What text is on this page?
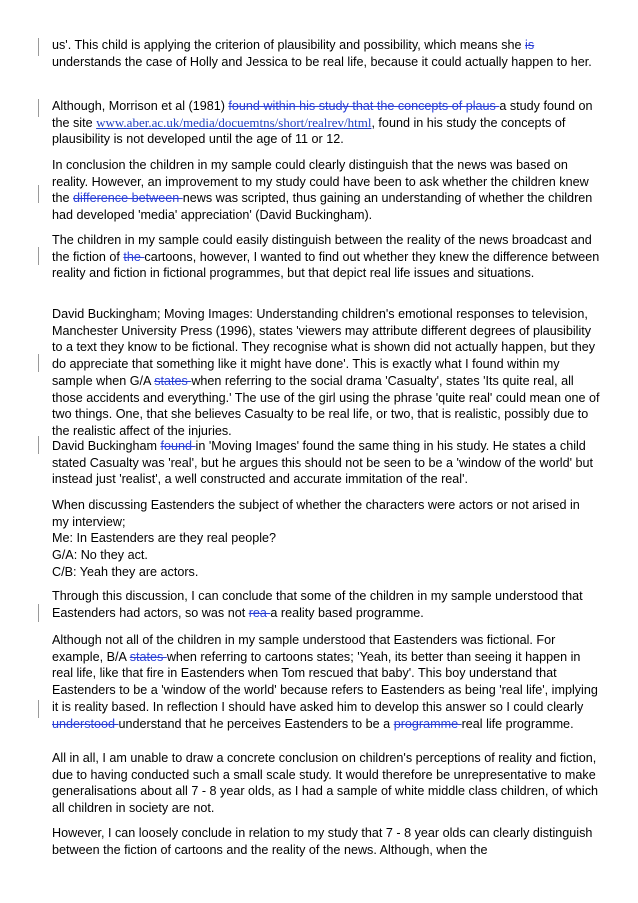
us'. This child is applying the criterion of plausibility and possibility, which means she is understands the case of Holly and Jessica to be real life, because it could actually happen to her.

Although, Morrison et al (1981) found within his study that the concepts of plaus a study found on the site www.aber.ac.uk/media/docuemtns/short/realrev/html, found in his study the concepts of plausibility is not developed until the age of 11 or 12.

In conclusion the children in my sample could clearly distinguish that the news was based on reality. However, an improvement to my study could have been to ask whether the children knew the difference between news was scripted, thus gaining an understanding of whether the children had developed 'media' appreciation' (David Buckingham).

The children in my sample could easily distinguish between the reality of the news broadcast and the fiction of the cartoons, however, I wanted to find out whether they knew the difference between reality and fiction in fictional programmes, but that depict real life issues and situations.

David Buckingham; Moving Images: Understanding children's emotional responses to television, Manchester University Press (1996), states 'viewers may attribute different degrees of plausibility to a text they know to be fictional. They recognise what is shown did not actually happen, but they do appreciate that something like it might have done'. This is exactly what I found within my sample when G/A states when referring to the social drama 'Casualty', states 'Its quite real, all those accidents and everything.' The use of the girl using the phrase 'quite real' could mean one of two things. One, that she believes Casualty to be real life, or two, that is realistic, possibly due to the realistic affect of the injuries.

David Buckingham found in 'Moving Images' found the same thing in his study. He states a child stated Casualty was 'real', but he argues this should not be seen to be a 'window of the world' but instead just 'realist', a well constructed and accurate immitation of the real'.

When discussing Eastenders the subject of whether the characters were actors or not arised in my interview;
Me: In Eastenders are they real people?
G/A: No they act.
C/B: Yeah they are actors.

Through this discussion, I can conclude that some of the children in my sample understood that Eastenders had actors, so was not rea a reality based programme.

Although not all of the children in my sample understood that Eastenders was fictional. For example, B/A states when referring to cartoons states; 'Yeah, its better than seeing it happen in real life, like that fire in Eastenders when Tom rescued that baby'. This boy understand that Eastenders to be a 'window of the world' because refers to Eastenders as being 'real life', implying it is reality based. In reflection I should have asked him to develop this answer so I could clearly understood understand that he perceives Eastenders to be a programme real life programme.

All in all, I am unable to draw a concrete conclusion on children's perceptions of reality and fiction, due to having conducted such a small scale study. It would therefore be unrepresentative to make generalisations about all 7 - 8 year olds, as I had a sample of white middle class children, of which all children in society are not.

However, I can loosely conclude in relation to my study that 7 - 8 year olds can clearly distinguish between the fiction of cartoons and the reality of the news. Although, when the
